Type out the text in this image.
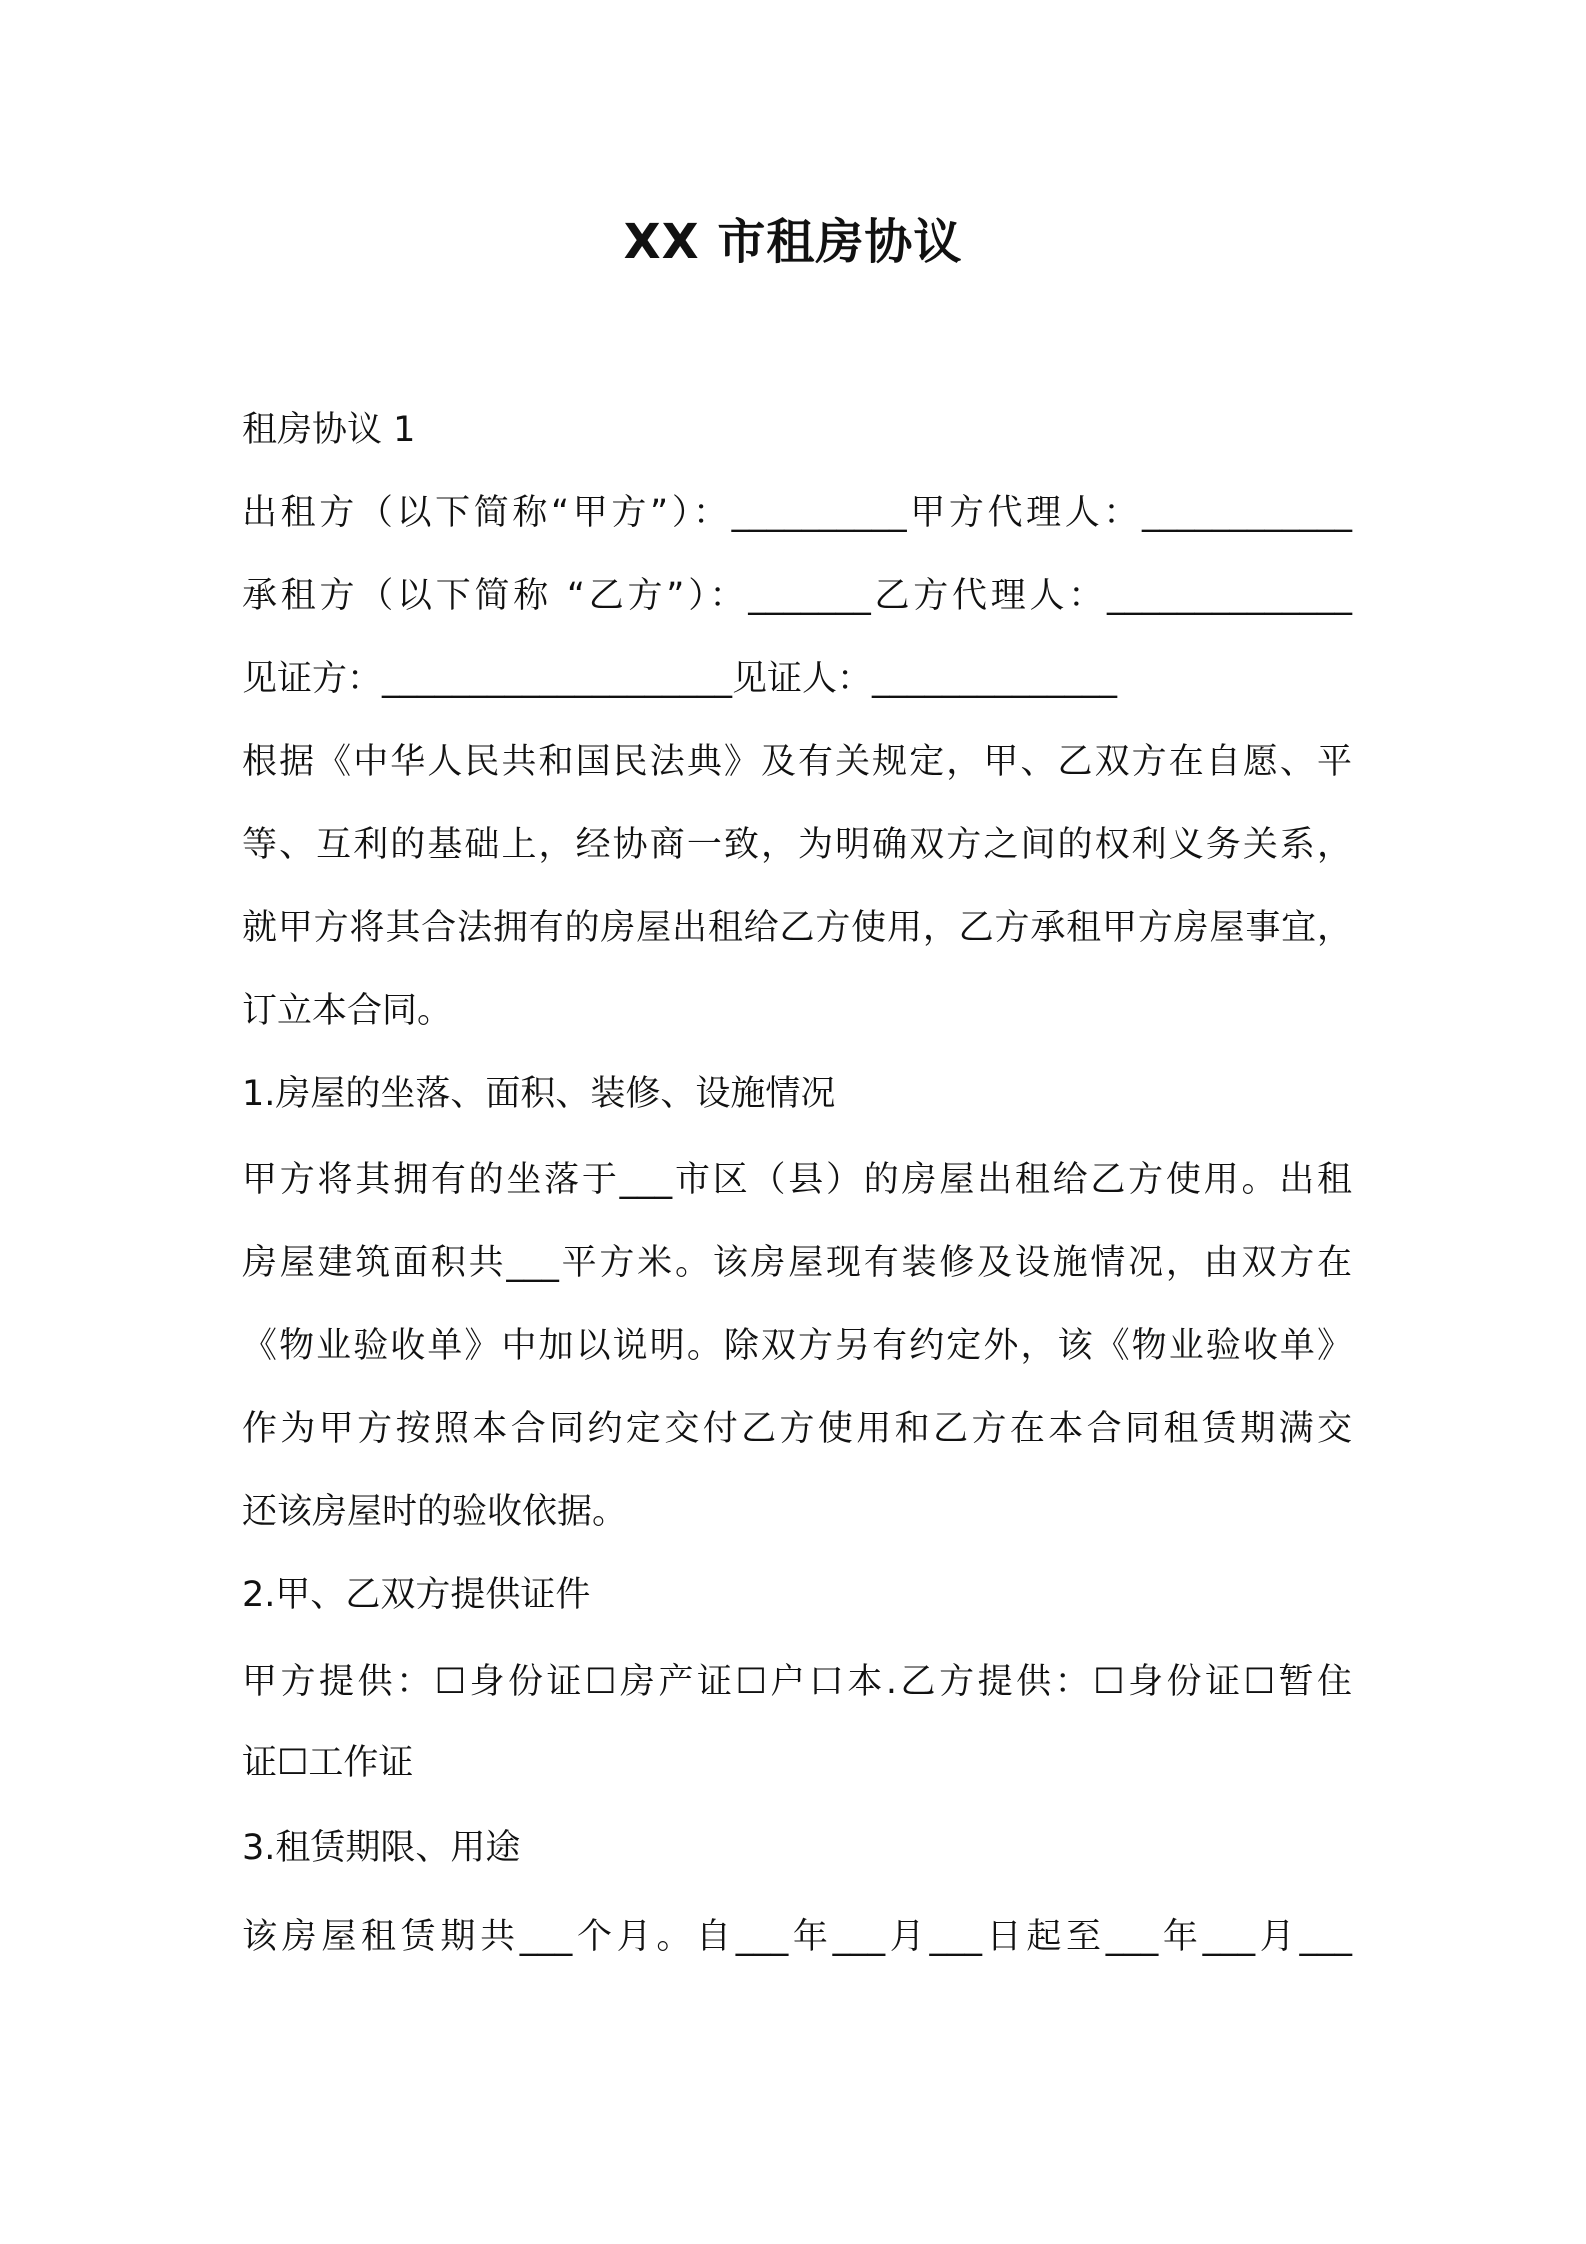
XX 市租房协议
租房协议 1
出租方（以下简称“甲方”）：__________甲方代理人：____________
承租方（以下简称 “乙方”）：_______乙方代理人：______________
见证方：____________________见证人：______________
根据《中华人民共和国民法典》及有关规定，甲、乙双方在自愿、平
等、互利的基础上，经协商一致，为明确双方之间的权利义务关系，
就甲方将其合法拥有的房屋出租给乙方使用，乙方承租甲方房屋事宜，
订立本合同。
1.房屋的坐落、面积、装修、设施情况
甲方将其拥有的坐落于___市区（县）的房屋出租给乙方使用。出租
房屋建筑面积共___平方米。该房屋现有装修及设施情况，由双方在
《物业验收单》中加以说明。除双方另有约定外，该《物业验收单》
作为甲方按照本合同约定交付乙方使用和乙方在本合同租赁期满交
还该房屋时的验收依据。
2.甲、乙双方提供证件
甲方提供：☐身份证☐房产证☐户口本.乙方提供：☐身份证☐暂住
证☐工作证
3.租赁期限、用途
该房屋租赁期共___个月。自___年___月___日起至___年___月___
